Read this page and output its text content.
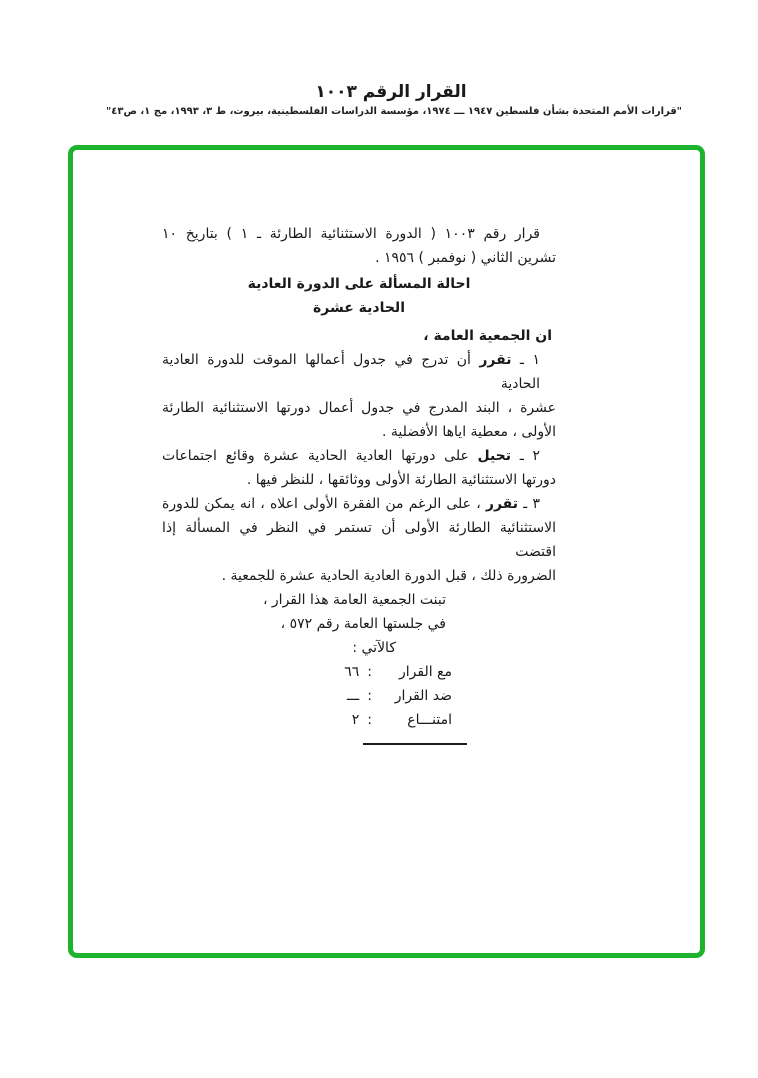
القرار الرقم ١٠٠٣
"قرارات الأمم المتحدة بشأن فلسطين ١٩٤٧ ـــ ١٩٧٤، مؤسسة الدراسات الفلسطينية، بيروت، ط ٣، ١٩٩٣، مج ١، ص٤٣"
قرار رقم ١٠٠٣ ( الدورة الاستثنائية الطارئة ـ ١ ) بتاريخ ١٠
تشرين الثاني ( نوفمبر ) ١٩٥٦ .
احالة المسألة على الدورة العادية
الحادية عشرة
ان الجمعية العامة ،
١ ـ تقرر أن تدرج في جدول أعمالها الموقت للدورة العادية الحادية
عشرة ، البند المدرج في جدول أعمال دورتها الاستثنائية الطارئة
الأولى ، معطية اياها الأفضلية .
٢ ـ تحيل على دورتها العادية الحادية عشرة وقائع اجتماعات
دورتها الاستثنائية الطارئة الأولى ووثائقها ، للنظر فيها .
٣ ـ تقرر ، على الرغم من الفقرة الأولى اعلاه ، انه يمكن للدورة
الاستثنائية الطارئة الأولى أن تستمر في النظر في المسألة إذا اقتضت
الضرورة ذلك ، قبل الدورة العادية الحادية عشرة للجمعية .
تبنت الجمعية العامة هذا القرار ،
في جلستها العامة رقم ٥٧٢ ،
كالآتي :
مع القرار:٦٦
ضد القرار:ـــ
امتنـــاع:٢
